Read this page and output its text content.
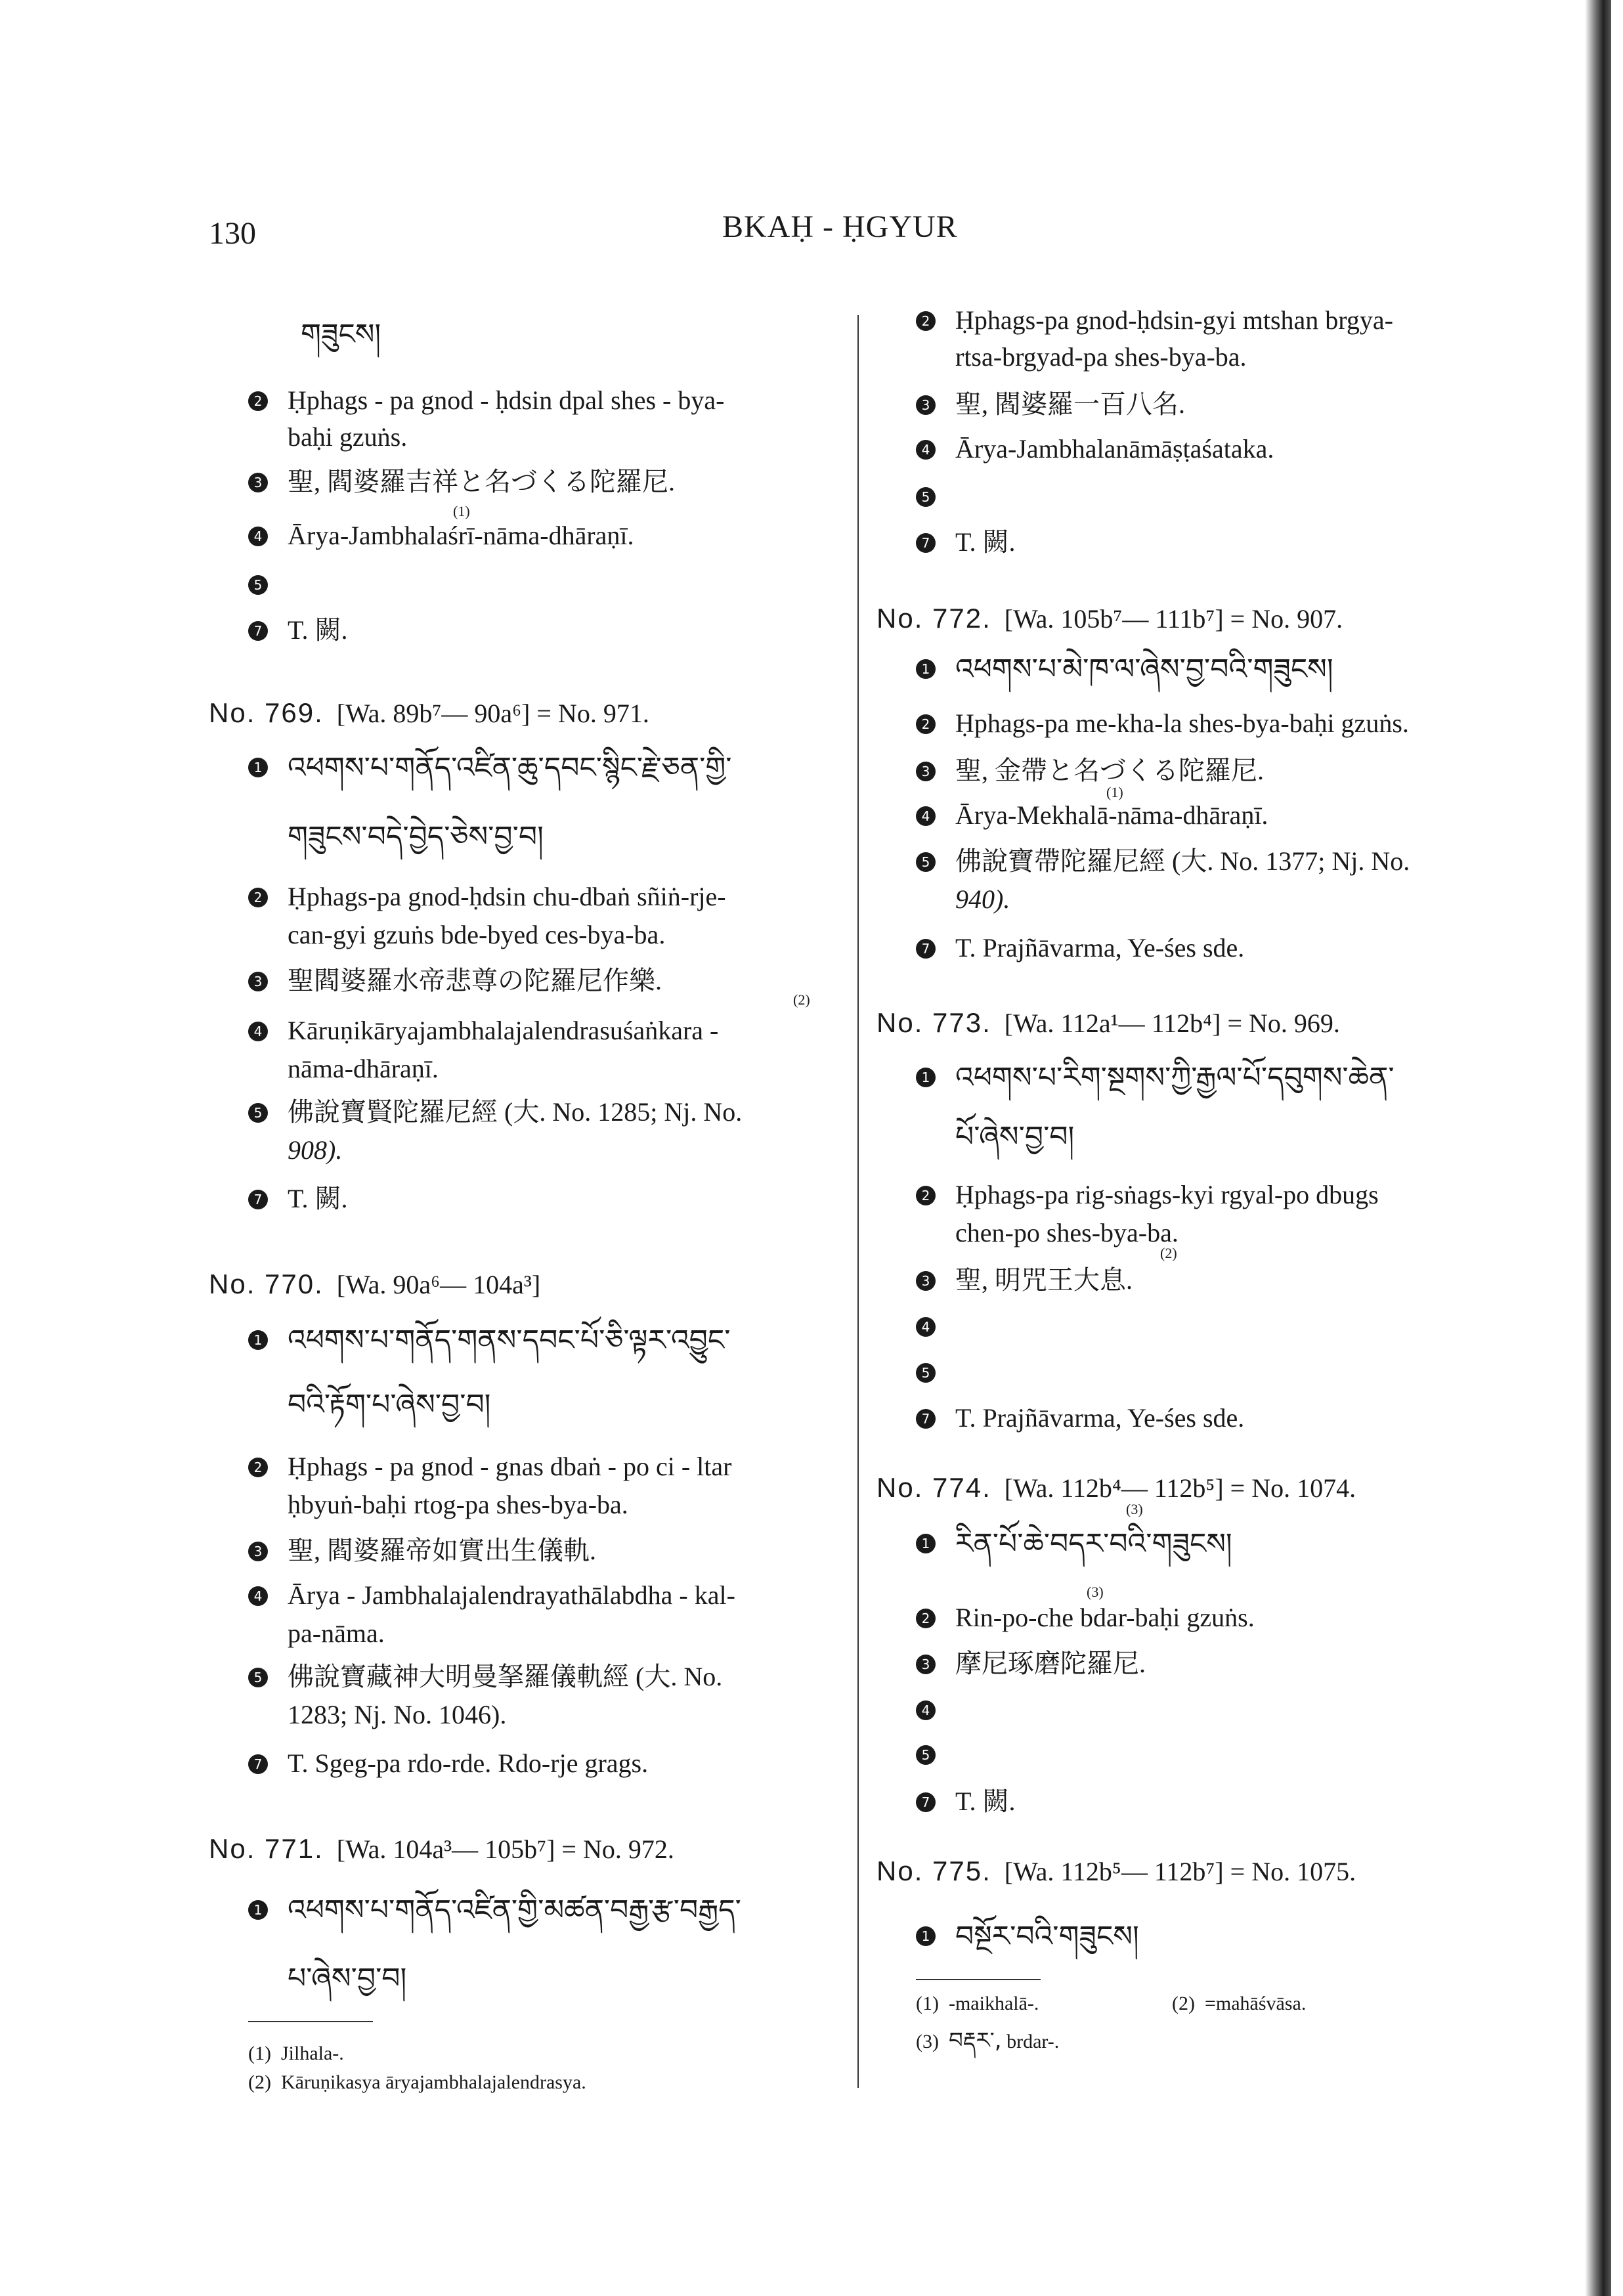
130	BKAḤ - ḤGYUR
གཟུངས།
2 Ḥphags - pa gnod - ḥdsin dpal shes - bya-
baḥi gzuṅs.
3 聖, 閻婆羅吉祥と名づくる陀羅尼.
(1)
4 Ārya-Jambhalaśrī-nāma-dhāraṇī.
5
7 T. 闕.
No. 769. [Wa. 89b⁷— 90a⁶] = No. 971.
1 འཕགས་པ་གནོད་འཛིན་ཆུ་དབང་སྙིང་རྗེ་ཅན་གྱི་
གཟུངས་བདེ་བྱེད་ཅེས་བྱ་བ།
2 Ḥphags-pa gnod-ḥdsin chu-dbaṅ sñiṅ-rje-
can-gyi gzuṅs bde-byed ces-bya-ba.
3 聖閻婆羅水帝悲尊の陀羅尼作樂.
(2)
4 Kāruṇikāryajambhalajalendrasuśaṅkara -
nāma-dhāraṇī.
5 佛說寶賢陀羅尼經 (大. No. 1285; Nj. No.
908).
7 T. 闕.
No. 770. [Wa. 90a⁶— 104a³]
1 འཕགས་པ་གནོད་གནས་དབང་པོ་ཅི་ལྟར་འབྱུང་
བའི་རྟོག་པ་ཞེས་བྱ་བ།
2 Ḥphags - pa gnod - gnas dbaṅ - po ci - ltar
ḥbyuṅ-baḥi rtog-pa shes-bya-ba.
3 聖, 閻婆羅帝如實出生儀軌.
4 Ārya - Jambhalajalendrayathālabdha - kal-
pa-nāma.
5 佛說寶藏神大明曼拏羅儀軌經 (大. No.
1283; Nj. No. 1046).
7 T. Sgeg-pa rdo-rde. Rdo-rje grags.
No. 771. [Wa. 104a³— 105b⁷] = No. 972.
1 འཕགས་པ་གནོད་འཛིན་གྱི་མཚན་བརྒྱ་རྩ་བརྒྱད་
པ་ཞེས་བྱ་བ།
(1) Jilhala-.
(2) Kāruṇikasya āryajambhalajalendrasya.
2 Ḥphags-pa gnod-ḥdsin-gyi mtshan brgya-
rtsa-brgyad-pa shes-bya-ba.
3 聖, 閻婆羅一百八名.
4 Ārya-Jambhalanāmāṣṭaśataka.
5
7 T. 闕.
No. 772. [Wa. 105b⁷— 111b⁷] = No. 907.
1 འཕགས་པ་མེ་ཁ་ལ་ཞེས་བྱ་བའི་གཟུངས།
2 Ḥphags-pa me-kha-la shes-bya-baḥi gzuṅs.
3 聖, 金帶と名づくる陀羅尼.
(1)
4 Ārya-Mekhalā-nāma-dhāraṇī.
5 佛說寶帶陀羅尼經 (大. No. 1377; Nj. No.
940).
7 T. Prajñāvarma, Ye-śes sde.
No. 773. [Wa. 112a¹— 112b⁴] = No. 969.
1 འཕགས་པ་རིག་སྔགས་ཀྱི་རྒྱལ་པོ་དབུགས་ཆེན་
པོ་ཞེས་བྱ་བ།
2 Ḥphags-pa rig-sṅags-kyi rgyal-po dbugs
chen-po shes-bya-ba.
(2)
3 聖, 明咒王大息.
4
5
7 T. Prajñāvarma, Ye-śes sde.
(3)
No. 774. [Wa. 112b⁴— 112b⁵] = No. 1074.
1 རིན་པོ་ཆེ་བདར་བའི་གཟུངས།
(3)
2 Rin-po-che bdar-baḥi gzuṅs.
3 摩尼琢磨陀羅尼.
4
5
7 T. 闕.
No. 775. [Wa. 112b⁵— 112b⁷] = No. 1075.
1 བསྔོར་བའི་གཟུངས།
(1) -maikhalā-.	(2) =mahāśvāsa.
(3) བརྡར་, brdar-.
